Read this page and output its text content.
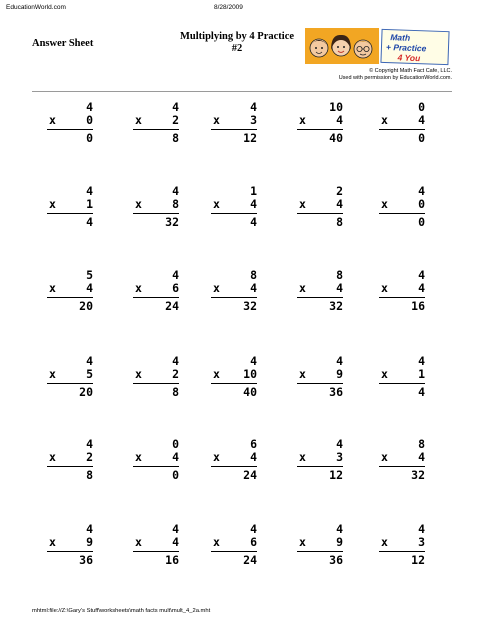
EducationWorld.com	8/28/2009
Multiplying by 4 Practice
#2
Answer Sheet
Math
+ Practice
4 You
© Copyright Math Fact Cafe, LLC.
Used with permission by EducationWorld.com.
4
x	0
0
4
x	2
8
4
x	3
12
10
x	4
40
0
x	4
0
4
x	1
4
4
x	8
32
1
x	4
4
2
x	4
8
4
x	0
0
5
x	4
20
4
x	6
24
8
x	4
32
8
x	4
32
4
x	4
16
4
x	5
20
4
x	2
8
4
x 10
40
4
x	9
36
4
x	1
4
4
x	2
8
0
x	4
0
6
x	4
24
4
x	3
12
8
x	4
32
4
x	9
36
4
x	4
16
4
x	6
24
4
x	9
36
4
x	3
12
mhtml:file://Z:\Gary's Stuff\worksheets\math facts mult\mult_4_2a.mht
